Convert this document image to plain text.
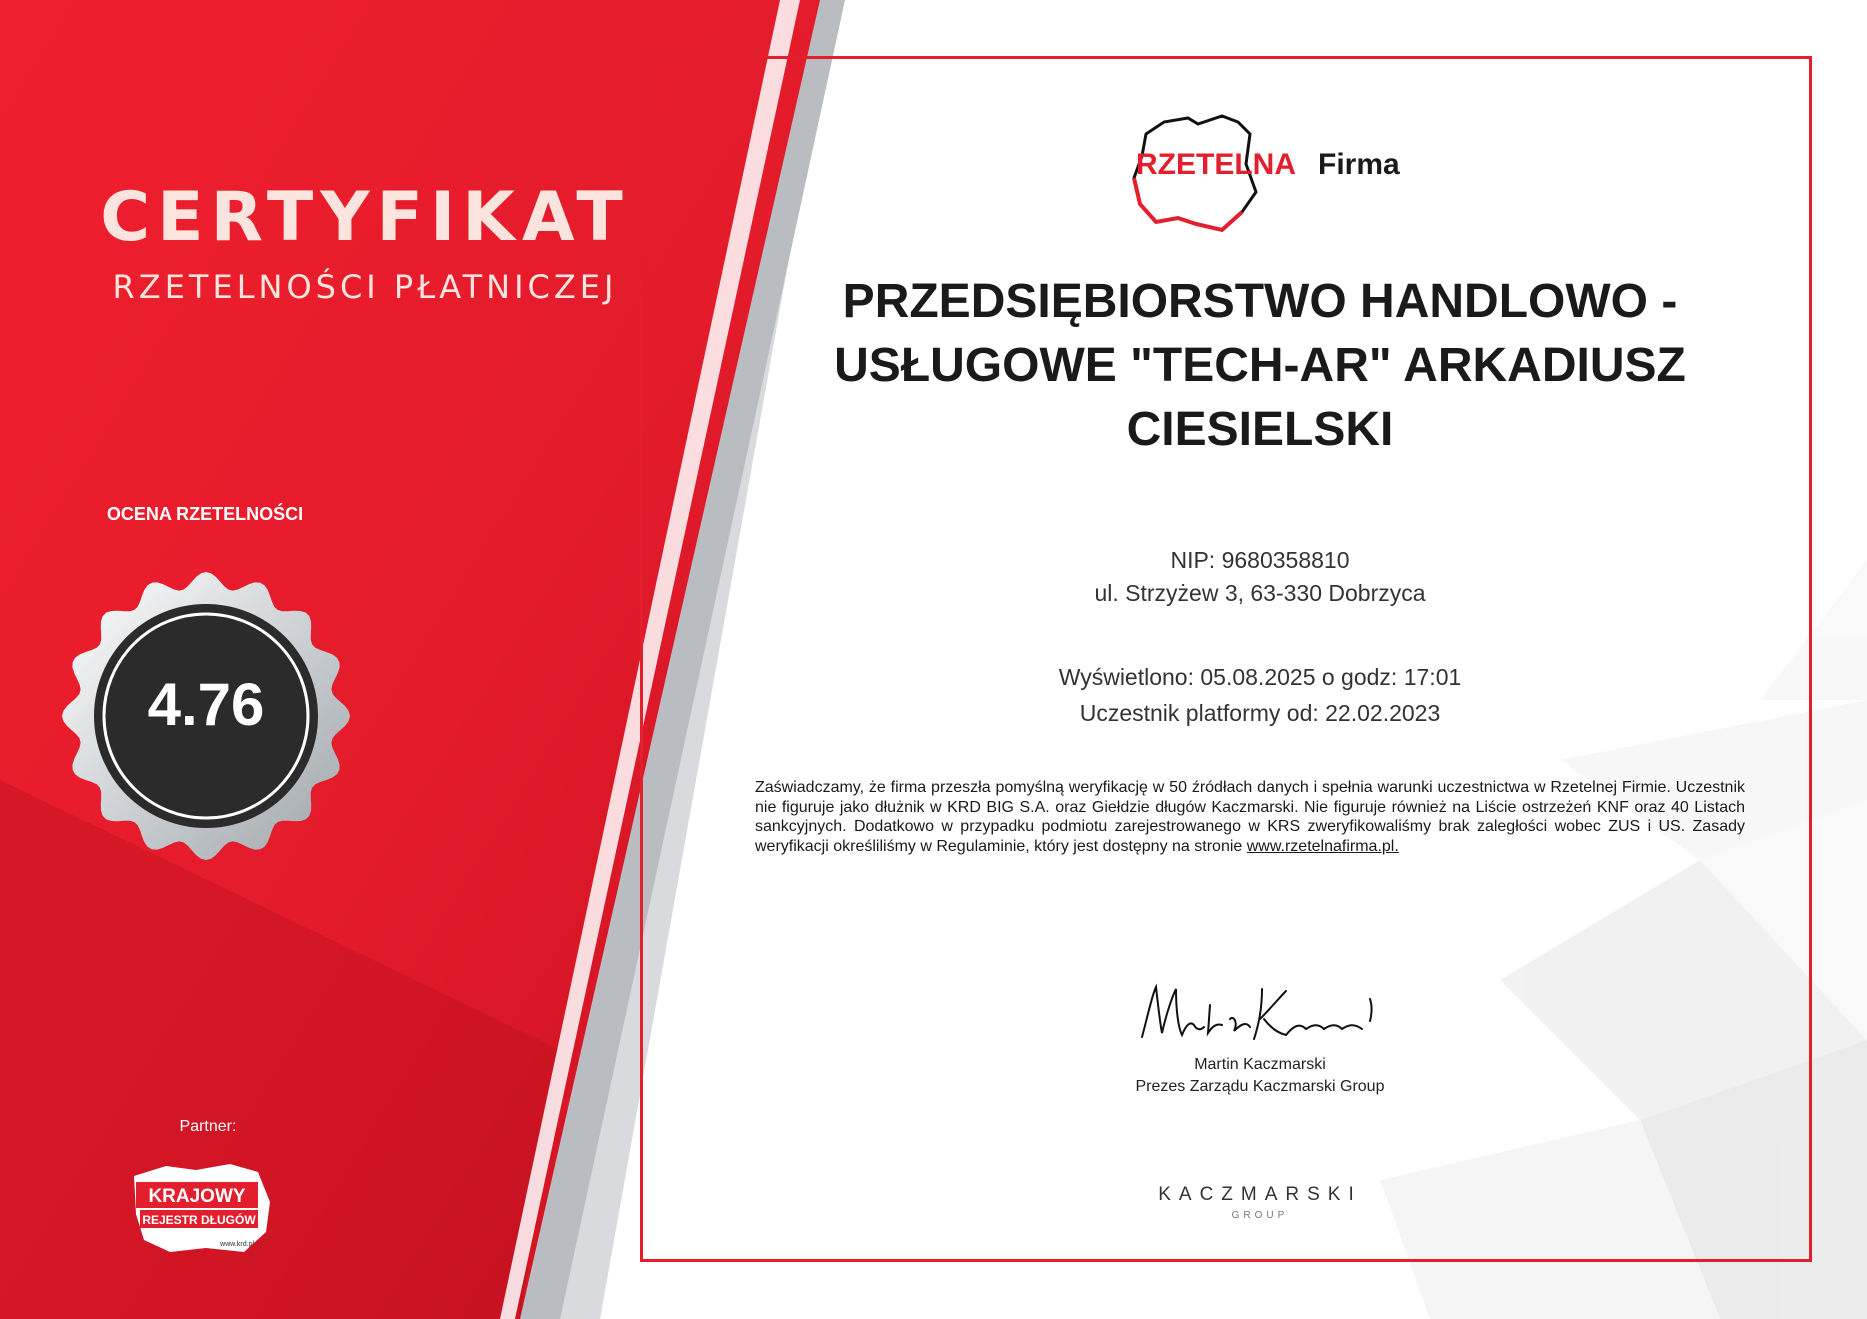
CERTYFIKAT
RZETELNOŚCI PŁATNICZEJ
OCENA RZETELNOŚCI
4.76
Partner:
KRAJOWY
REJESTR DŁUGÓW
www.krd.pl
RZETELNA Firma
PRZEDSIĘBIORSTWO HANDLOWO - USŁUGOWE "TECH-AR" ARKADIUSZ CIESIELSKI
NIP: 9680358810
ul. Strzyżew 3, 63-330 Dobrzyca
Wyświetlono: 05.08.2025 o godz: 17:01
Uczestnik platformy od: 22.02.2023
Zaświadczamy, że firma przeszła pomyślną weryfikację w 50 źródłach danych i spełnia warunki uczestnictwa w Rzetelnej Firmie. Uczestnik nie figuruje jako dłużnik w KRD BIG S.A. oraz Giełdzie długów Kaczmarski. Nie figuruje również na Liście ostrzeżeń KNF oraz 40 Listach sankcyjnych. Dodatkowo w przypadku podmiotu zarejestrowanego w KRS zweryfikowaliśmy brak zaległości wobec ZUS i US. Zasady weryfikacji określiliśmy w Regulaminie, który jest dostępny na stronie www.rzetelnafirma.pl.
Martin Kaczmarski
Prezes Zarządu Kaczmarski Group
KACZMARSKI
GROUP
